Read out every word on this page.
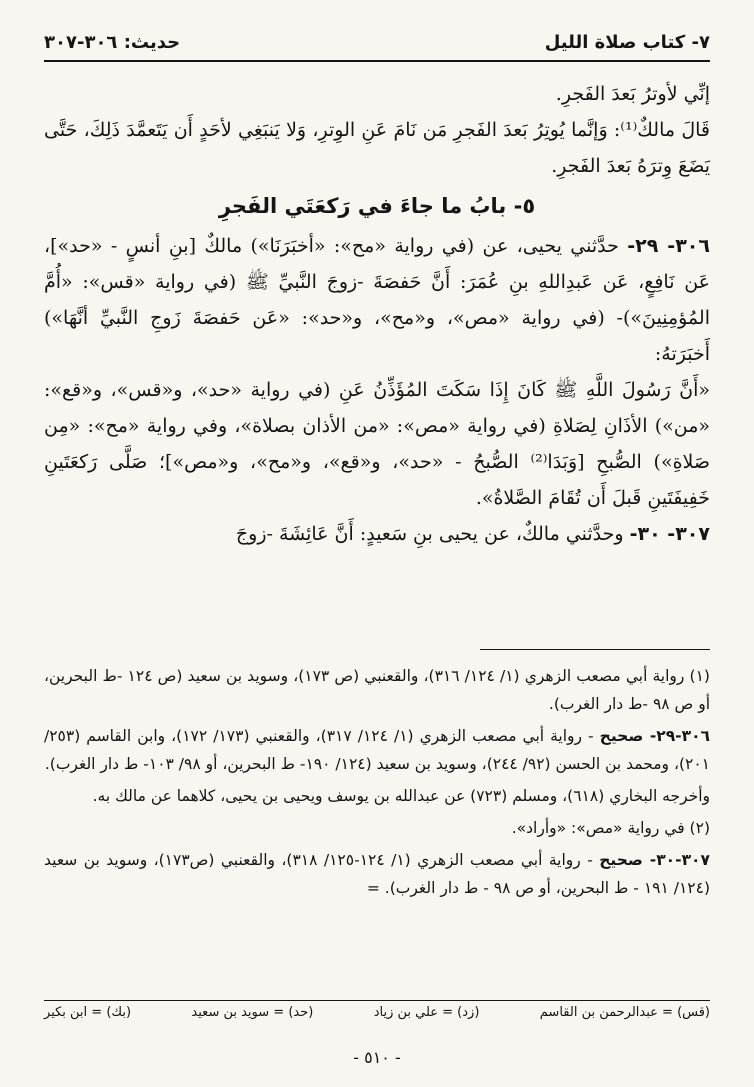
٧- كتاب صلاة الليل
حديث: ٣٠٦-٣٠٧

إنِّي لأوترُ بَعدَ الفَجرِ.

قَالَ مالكٌ⁽¹⁾: وَإنَّما يُوتِرُ بَعدَ الفَجرِ مَن نَامَ عَنِ الوِترِ، وَلا يَنبَغِي لأحَدٍ أَن يَتَعمَّدَ ذَلِكَ، حَتَّى يَضَعَ وِترَهُ بَعدَ الفَجرِ.

٥- بابُ ما جاءَ في رَكعَتَي الفَجرِ

٣٠٦- ٢٩- حدَّثني يحيى، عن (في رواية «مح»: «أخبَرَنَا») مالكٌ [بنِ أنسٍ - «حد»]، عَن نَافِعٍ، عَن عَبدِاللهِ بنِ عُمَرَ: أَنَّ حَفصَةَ -زوجَ النَّبيِّ ﷺ (في رواية «قس»: «أُمَّ المُؤمِنِينَ»)- (في رواية «مص»، و«مح»، و«حد»: «عَن حَفصَةَ زَوجِ النَّبيِّ أنَّهَا») أَخبَرَتهُ:

«أَنَّ رَسُولَ اللَّهِ ﷺ كَانَ إِذَا سَكَتَ المُؤَذِّنُ عَنِ (في رواية «حد»، و«قس»، و«قع»: «من») الأذَانِ لِصَلاةِ (في رواية «مص»: «من الأذان بصلاة»، وفي رواية «مح»: «مِن صَلاةِ») الصُّبحِ [وَبَدَا⁽²⁾ الصُّبحُ - «حد»، و«قع»، و«مح»، و«مص»]؛ صَلَّى رَكعَتَينِ خَفِيفَتَينِ قَبلَ أَن تُقَامَ الصَّلاةُ».

٣٠٧- ٣٠- وحدَّثني مالكٌ، عن يحيى بنِ سَعيدٍ: أَنَّ عَائِشَةَ -زوجَ

(١) رواية أبي مصعب الزهري (١/ ١٢٤/ ٣١٦)، والقعنبي (ص ١٧٣)، وسويد بن سعيد (ص ١٢٤ -ط البحرين، أو ص ٩٨ -ط دار الغرب).

٣٠٦-٢٩- صحيح - رواية أبي مصعب الزهري (١/ ١٢٤/ ٣١٧)، والقعنبي (١٧٣/ ١٧٢)، وابن القاسم (٢٥٣/ ٢٠١)، ومحمد بن الحسن (٩٢/ ٢٤٤)، وسويد بن سعيد (١٢٤/ ١٩٠- ط البحرين، أو ٩٨/ ١٠٣- ط دار الغرب).

وأخرجه البخاري (٦١٨)، ومسلم (٧٢٣) عن عبدالله بن يوسف ويحيى بن يحيى، كلاهما عن مالك به.

(٢) في رواية «مص»: «وأراد».

٣٠٧-٣٠- صحيح - رواية أبي مصعب الزهري (١/ ١٢٤-١٢٥/ ٣١٨)، والقعنبي (ص١٧٣)، وسويد بن سعيد (١٢٤/ ١٩١ - ط البحرين، أو ص ٩٨ - ط دار الغرب). =

(قس) = عبدالرحمن بن القاسم
(زد) = علي بن زياد
(حد) = سويد بن سعيد
(بك) = ابن بكير
- ٥١٠ -
